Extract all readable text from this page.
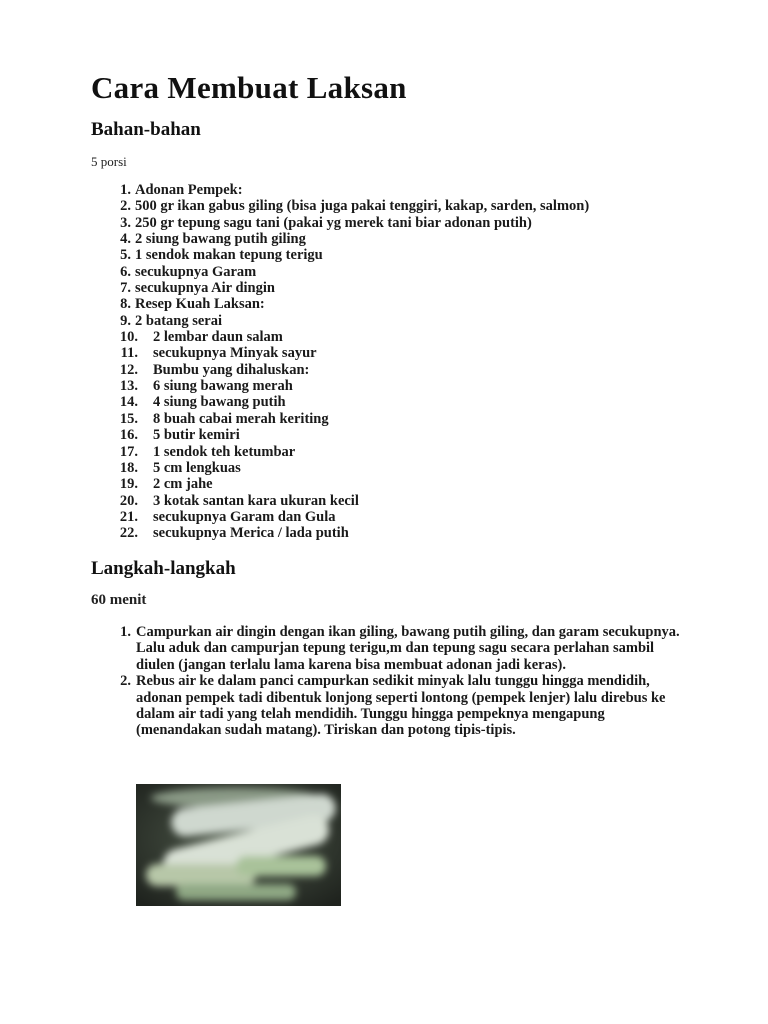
Cara Membuat Laksan
Bahan-bahan
5 porsi
1. Adonan Pempek:
2. 500 gr ikan gabus giling (bisa juga pakai tenggiri, kakap, sarden, salmon)
3. 250 gr tepung sagu tani (pakai yg merek tani biar adonan putih)
4. 2 siung bawang putih giling
5. 1 sendok makan tepung terigu
6. secukupnya Garam
7. secukupnya Air dingin
8. Resep Kuah Laksan:
9. 2 batang serai
10. 2 lembar daun salam
11. secukupnya Minyak sayur
12. Bumbu yang dihaluskan:
13. 6 siung bawang merah
14. 4 siung bawang putih
15. 8 buah cabai merah keriting
16. 5 butir kemiri
17. 1 sendok teh ketumbar
18. 5 cm lengkuas
19. 2 cm jahe
20. 3 kotak santan kara ukuran kecil
21. secukupnya Garam dan Gula
22. secukupnya Merica / lada putih
Langkah-langkah
60 menit
1. Campurkan air dingin dengan ikan giling, bawang putih giling, dan garam secukupnya. Lalu aduk dan campurjan tepung terigu,m dan tepung sagu secara perlahan sambil diulen (jangan terlalu lama karena bisa membuat adonan jadi keras).
2. Rebus air ke dalam panci campurkan sedikit minyak lalu tunggu hingga mendidih, adonan pempek tadi dibentuk lonjong seperti lontong (pempek lenjer) lalu direbus ke dalam air tadi yang telah mendidih. Tunggu hingga pempeknya mengapung (menandakan sudah matang). Tiriskan dan potong tipis-tipis.
